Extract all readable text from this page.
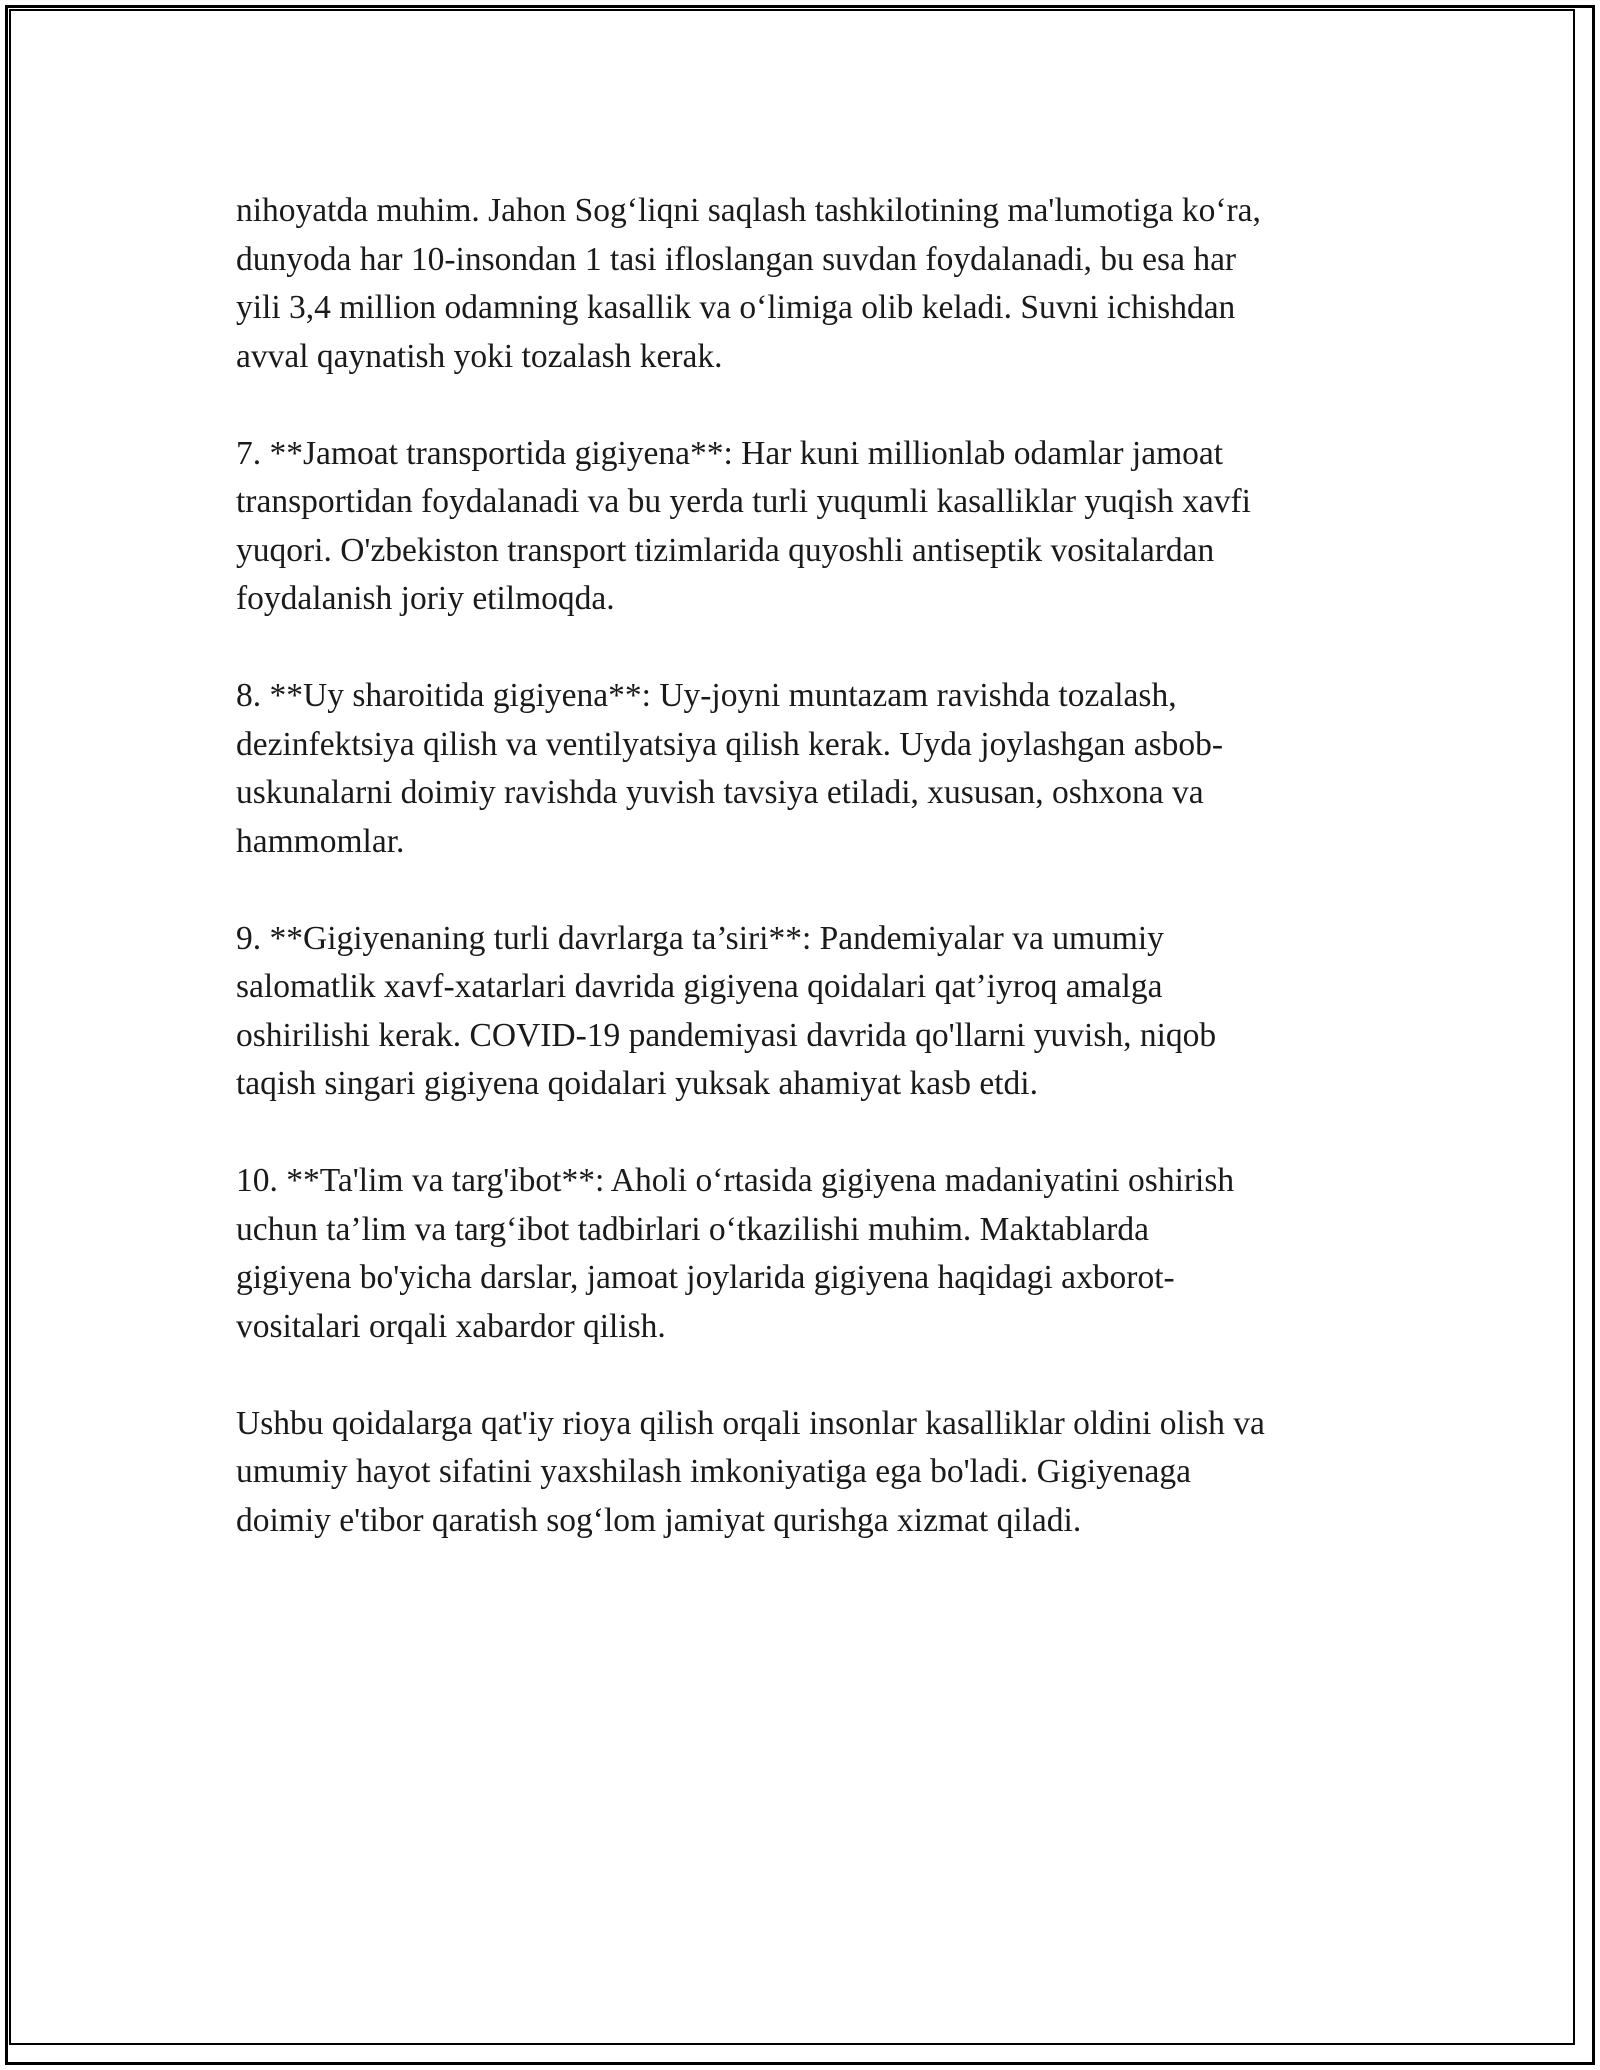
nihoyatda muhim. Jahon Sog‘liqni saqlash tashkilotining ma'lumotiga ko‘ra,
dunyoda har 10-insondan 1 tasi ifloslangan suvdan foydalanadi, bu esa har
yili 3,4 million odamning kasallik va o‘limiga olib keladi. Suvni ichishdan
avval qaynatish yoki tozalash kerak.

7. **Jamoat transportida gigiyena**: Har kuni millionlab odamlar jamoat
transportidan foydalanadi va bu yerda turli yuqumli kasalliklar yuqish xavfi
yuqori. O'zbekiston transport tizimlarida quyoshli antiseptik vositalardan
foydalanish joriy etilmoqda.

8. **Uy sharoitida gigiyena**: Uy-joyni muntazam ravishda tozalash,
dezinfektsiya qilish va ventilyatsiya qilish kerak. Uyda joylashgan asbob-
uskunalarni doimiy ravishda yuvish tavsiya etiladi, xususan, oshxona va
hammomlar.

9. **Gigiyenaning turli davrlarga ta’siri**: Pandemiyalar va umumiy
salomatlik xavf-xatarlari davrida gigiyena qoidalari qat’iyroq amalga
oshirilishi kerak. COVID-19 pandemiyasi davrida qo'llarni yuvish, niqob
taqish singari gigiyena qoidalari yuksak ahamiyat kasb etdi.

10. **Ta'lim va targ'ibot**: Aholi o‘rtasida gigiyena madaniyatini oshirish
uchun ta’lim va targ‘ibot tadbirlari o‘tkazilishi muhim. Maktablarda
gigiyena bo'yicha darslar, jamoat joylarida gigiyena haqidagi axborot-
vositalari orqali xabardor qilish.

Ushbu qoidalarga qat'iy rioya qilish orqali insonlar kasalliklar oldini olish va
umumiy hayot sifatini yaxshilash imkoniyatiga ega bo'ladi. Gigiyenaga
doimiy e'tibor qaratish sog‘lom jamiyat qurishga xizmat qiladi.
